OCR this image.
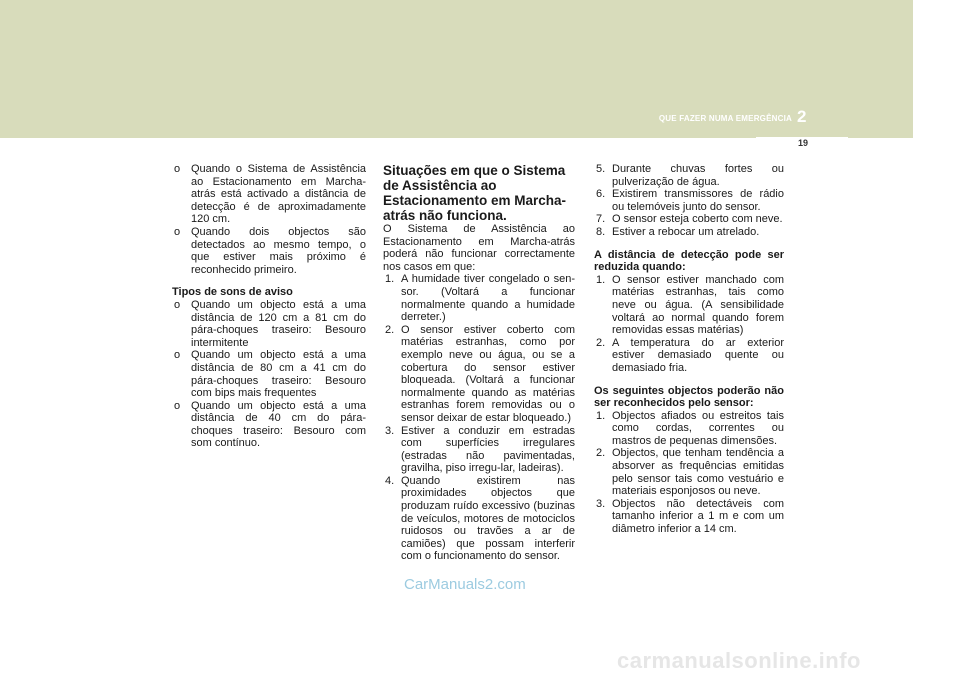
QUE FAZER NUMA EMERGÊNCIA 2
19
o Quando o Sistema de Assistência ao Estacionamento em Marcha-atrás está activado a distância de detecção é de aproximadamente 120 cm.
o Quando dois objectos são detectados ao mesmo tempo, o que estiver mais próximo é reconhecido primeiro.
Tipos de sons de aviso
o Quando um objecto está a uma distância de 120 cm a 81 cm do pára-choques traseiro: Besouro intermitente
o Quando um objecto está a uma distância de 80 cm a 41 cm do pára-choques traseiro: Besouro com bips mais frequentes
o Quando um objecto está a uma distância de 40 cm do pára-choques traseiro: Besouro com som contínuo.
Situações em que o Sistema de Assistência ao Estacionamento em Marcha-atrás não funciona.
O Sistema de Assistência ao Estacionamento em Marcha-atrás poderá não funcionar correctamente nos casos em que:
1. A humidade tiver congelado o sen-sor. (Voltará a funcionar normalmente quando a humidade derreter.)
2. O sensor estiver coberto com matérias estranhas, como por exemplo neve ou água, ou se a cobertura do sensor estiver bloqueada. (Voltará a funcionar normalmente quando as matérias estranhas forem removidas ou o sensor deixar de estar bloqueado.)
3. Estiver a conduzir em estradas com superfícies irregulares (estradas não pavimentadas, gravilha, piso irregu-lar, ladeiras).
4. Quando existirem nas proximidades objectos que produzam ruído excessivo (buzinas de veículos, motores de motociclos ruidosos ou travões a ar de camiões) que possam interferir com o funcionamento do sensor.
5. Durante chuvas fortes ou pulverização de água.
6. Existirem transmissores de rádio ou telemóveis junto do sensor.
7. O sensor esteja coberto com neve.
8. Estiver a rebocar um atrelado.
A distância de detecção pode ser reduzida quando:
1. O sensor estiver manchado com matérias estranhas, tais como neve ou água. (A sensibilidade voltará ao normal quando forem removidas essas matérias)
2. A temperatura do ar exterior estiver demasiado quente ou demasiado fria.
Os seguintes objectos poderão não ser reconhecidos pelo sensor:
1. Objectos afiados ou estreitos tais como cordas, correntes ou mastros de pequenas dimensões.
2. Objectos, que tenham tendência a absorver as frequências emitidas pelo sensor tais como vestuário e materiais esponjosos ou neve.
3. Objectos não detectáveis com tamanho inferior a 1 m e com um diâmetro inferior a 14 cm.
CarManuals2.com
carmanualsonline.info
